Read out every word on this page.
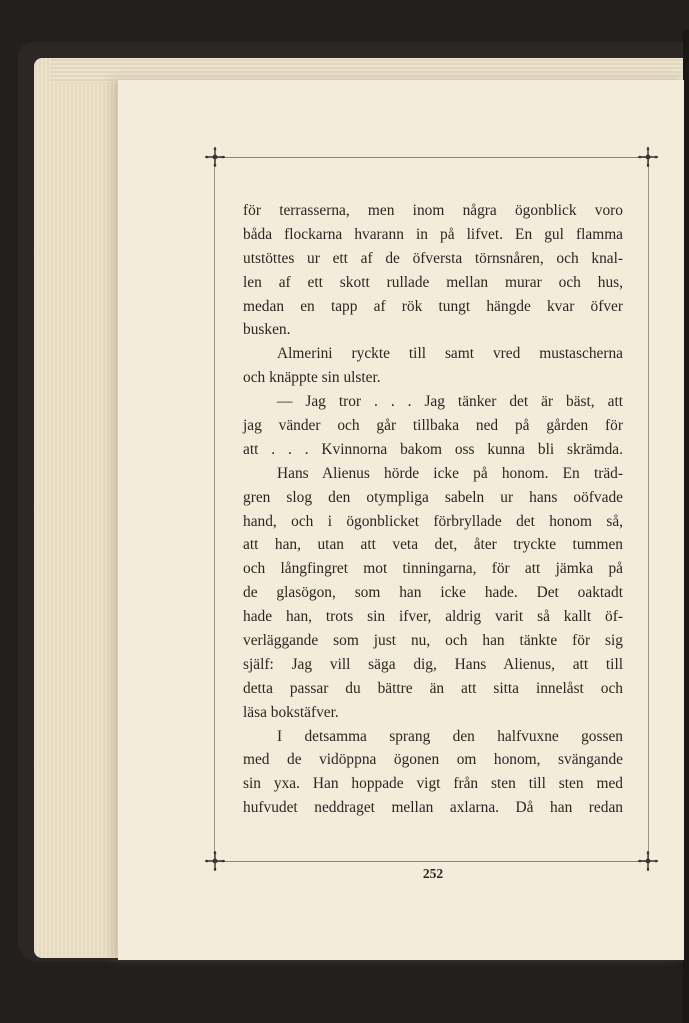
för terrasserna, men inom några ögonblick voro
båda flockarna hvarann in på lifvet. En gul flamma
utstöttes ur ett af de öfversta törnsnåren, och knal-
len af ett skott rullade mellan murar och hus,
medan en tapp af rök tungt hängde kvar öfver
busken.
Almerini ryckte till samt vred mustascherna
och knäppte sin ulster.
— Jag tror . . . Jag tänker det är bäst, att
jag vänder och går tillbaka ned på gården för
att . . . Kvinnorna bakom oss kunna bli skrämda.
Hans Alienus hörde icke på honom. En träd-
gren slog den otympliga sabeln ur hans oöfvade
hand, och i ögonblicket förbryllade det honom så,
att han, utan att veta det, åter tryckte tummen
och långfingret mot tinningarna, för att jämka på
de glasögon, som han icke hade. Det oaktadt
hade han, trots sin ifver, aldrig varit så kallt öf-
verläggande som just nu, och han tänkte för sig
själf: Jag vill säga dig, Hans Alienus, att till
detta passar du bättre än att sitta innelåst och
läsa bokstäfver.
I detsamma sprang den halfvuxne gossen
med de vidöppna ögonen om honom, svängande
sin yxa. Han hoppade vigt från sten till sten med
hufvudet neddraget mellan axlarna. Då han redan
252
